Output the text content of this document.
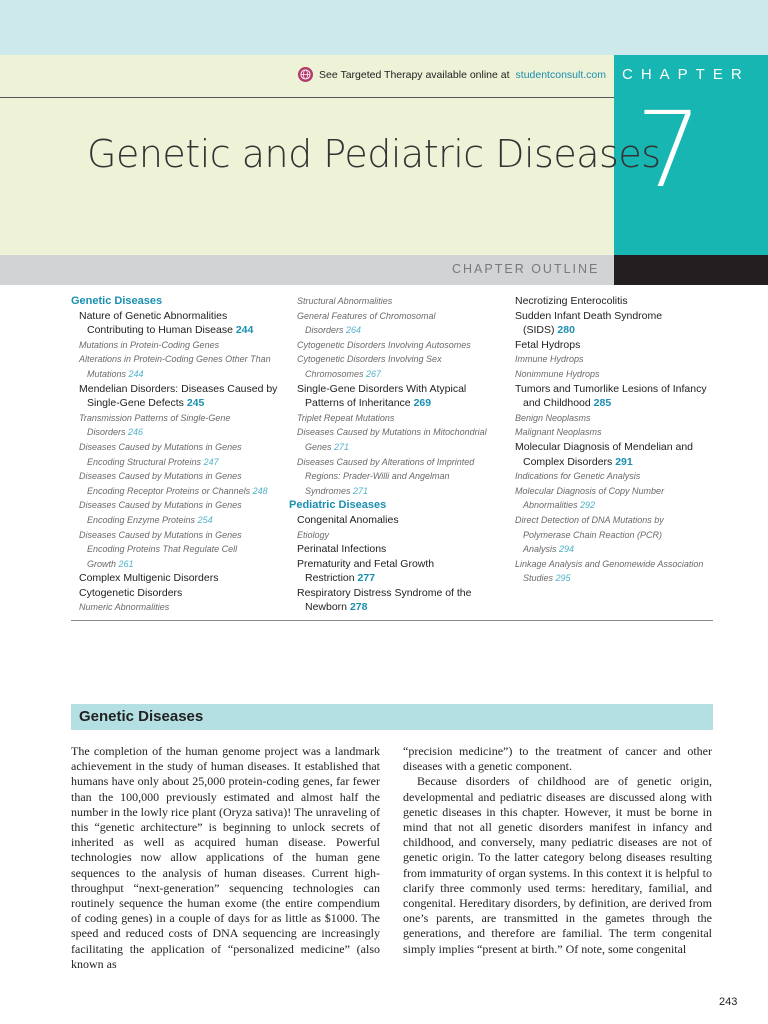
See Targeted Therapy available online at studentconsult.com CHAPTER
7
Genetic and Pediatric Diseases
CHAPTER OUTLINE
Genetic Diseases
Nature of Genetic Abnormalities
Contributing to Human Disease 244
Mutations in Protein-Coding Genes
Alterations in Protein-Coding Genes Other Than
Mutations 244
Mendelian Disorders: Diseases Caused by
Single-Gene Defects 245
Transmission Patterns of Single-Gene
Disorders 246
Diseases Caused by Mutations in Genes
Encoding Structural Proteins 247
Diseases Caused by Mutations in Genes
Encoding Receptor Proteins or Channels 248
Diseases Caused by Mutations in Genes
Encoding Enzyme Proteins 254
Diseases Caused by Mutations in Genes
Encoding Proteins That Regulate Cell
Growth 261
Complex Multigenic Disorders
Cytogenetic Disorders
Numeric Abnormalities
Structural Abnormalities
General Features of Chromosomal
Disorders 264
Cytogenetic Disorders Involving Autosomes
Cytogenetic Disorders Involving Sex
Chromosomes 267
Single-Gene Disorders With Atypical
Patterns of Inheritance 269
Triplet Repeat Mutations
Diseases Caused by Mutations in Mitochondrial
Genes 271
Diseases Caused by Alterations of Imprinted
Regions: Prader-Willi and Angelman
Syndromes 271
Pediatric Diseases
Congenital Anomalies
Etiology
Perinatal Infections
Prematurity and Fetal Growth
Restriction 277
Respiratory Distress Syndrome of the
Newborn 278
Necrotizing Enterocolitis
Sudden Infant Death Syndrome
(SIDS) 280
Fetal Hydrops
Immune Hydrops
Nonimmune Hydrops
Tumors and Tumorlike Lesions of Infancy
and Childhood 285
Benign Neoplasms
Malignant Neoplasms
Molecular Diagnosis of Mendelian and
Complex Disorders 291
Indications for Genetic Analysis
Molecular Diagnosis of Copy Number
Abnormalities 292
Direct Detection of DNA Mutations by
Polymerase Chain Reaction (PCR)
Analysis 294
Linkage Analysis and Genomewide Association
Studies 295
Genetic Diseases

The completion of the human genome project was a landmark achievement in the study of human diseases. It established that humans have only about 25,000 protein-coding genes, far fewer than the 100,000 previously estimated and almost half the number in the lowly rice plant (Oryza sativa)! The unraveling of this “genetic architecture” is beginning to unlock secrets of inherited as well as acquired human disease. Powerful technologies now allow applications of the human gene sequences to the analysis of human diseases. Current high-throughput “next-generation” sequencing technologies can routinely sequence the human exome (the entire compendium of coding genes) in a couple of days for as little as $1000. The speed and reduced costs of DNA sequencing are increasingly facilitating the application of “personalized medicine” (also known as

“precision medicine”) to the treatment of cancer and other diseases with a genetic component.

Because disorders of childhood are of genetic origin, developmental and pediatric diseases are discussed along with genetic diseases in this chapter. However, it must be borne in mind that not all genetic disorders manifest in infancy and childhood, and conversely, many pediatric diseases are not of genetic origin. To the latter category belong diseases resulting from immaturity of organ systems. In this context it is helpful to clarify three commonly used terms: hereditary, familial, and congenital. Hereditary disorders, by definition, are derived from one’s parents, are transmitted in the gametes through the generations, and therefore are familial. The term congenital simply implies “present at birth.” Of note, some congenital

243
